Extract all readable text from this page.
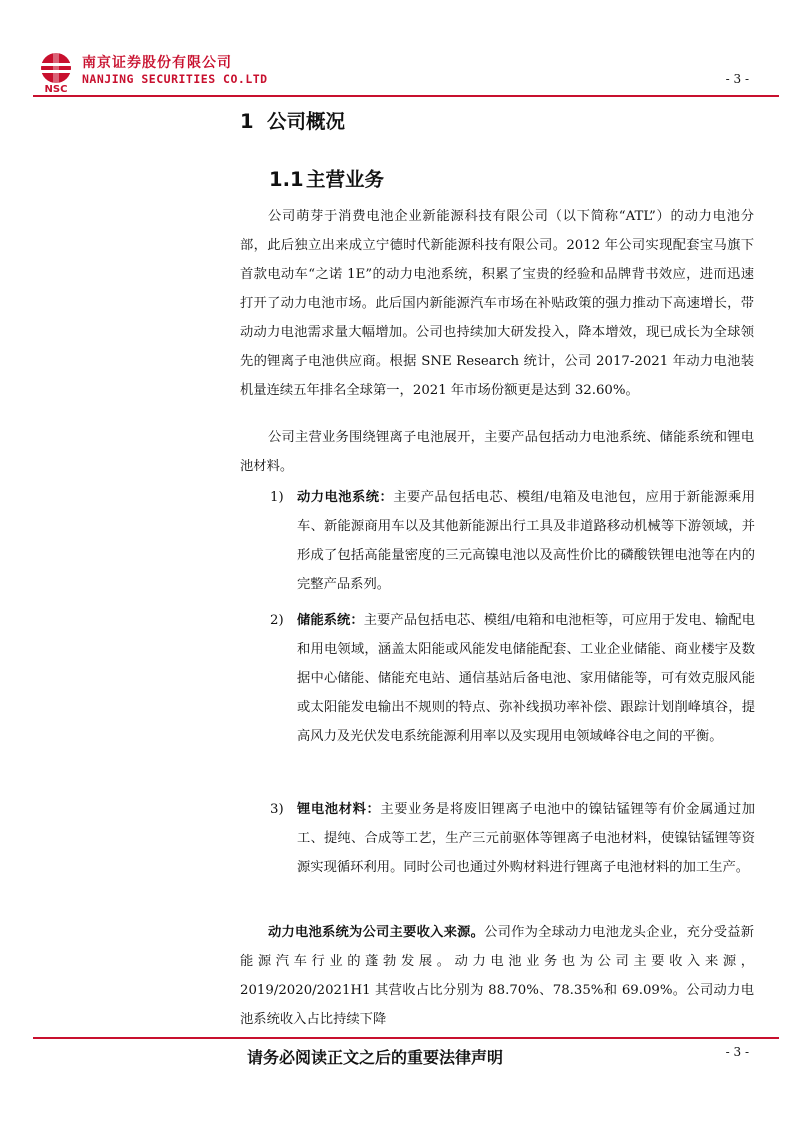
NSC
南京证券股份有限公司
NANJING SECURITIES CO.LTD	- 3 -
1 公司概况
1.1 主营业务

公司萌芽于消费电池企业新能源科技有限公司（以下简称“ATL”）的动力电池分部，此后独立出来成立宁德时代新能源科技有限公司。2012 年公司实现配套宝马旗下首款电动车“之诺 1E”的动力电池系统，积累了宝贵的经验和品牌背书效应，进而迅速打开了动力电池市场。此后国内新能源汽车市场在补贴政策的强力推动下高速增长，带动动力电池需求量大幅增加。公司也持续加大研发投入，降本增效，现已成长为全球领先的锂离子电池供应商。根据 SNE Research 统计，公司 2017-2021 年动力电池装机量连续五年排名全球第一，2021 年市场份额更是达到 32.60%。

公司主营业务围绕锂离子电池展开，主要产品包括动力电池系统、储能系统和锂电池材料。

1) 动力电池系统：主要产品包括电芯、模组/电箱及电池包，应用于新能源乘用车、新能源商用车以及其他新能源出行工具及非道路移动机械等下游领域，并形成了包括高能量密度的三元高镍电池以及高性价比的磷酸铁锂电池等在内的完整产品系列。
2) 储能系统：主要产品包括电芯、模组/电箱和电池柜等，可应用于发电、输配电和用电领域，涵盖太阳能或风能发电储能配套、工业企业储能、商业楼宇及数据中心储能、储能充电站、通信基站后备电池、家用储能等，可有效克服风能或太阳能发电输出不规则的特点、弥补线损功率补偿、跟踪计划削峰填谷，提高风力及光伏发电系统能源利用率以及实现用电领域峰谷电之间的平衡。
3) 锂电池材料：主要业务是将废旧锂离子电池中的镍钴锰锂等有价金属通过加工、提纯、合成等工艺，生产三元前驱体等锂离子电池材料，使镍钴锰锂等资源实现循环利用。同时公司也通过外购材料进行锂离子电池材料的加工生产。

动力电池系统为公司主要收入来源。公司作为全球动力电池龙头企业，充分受益新能源汽车行业的蓬勃发展。动力电池业务也为公司主要收入来源，2019/2020/2021H1 其营收占比分别为 88.70%、78.35%和 69.09%。公司动力电池系统收入占比持续下降

请务必阅读正文之后的重要法律声明	- 3 -
